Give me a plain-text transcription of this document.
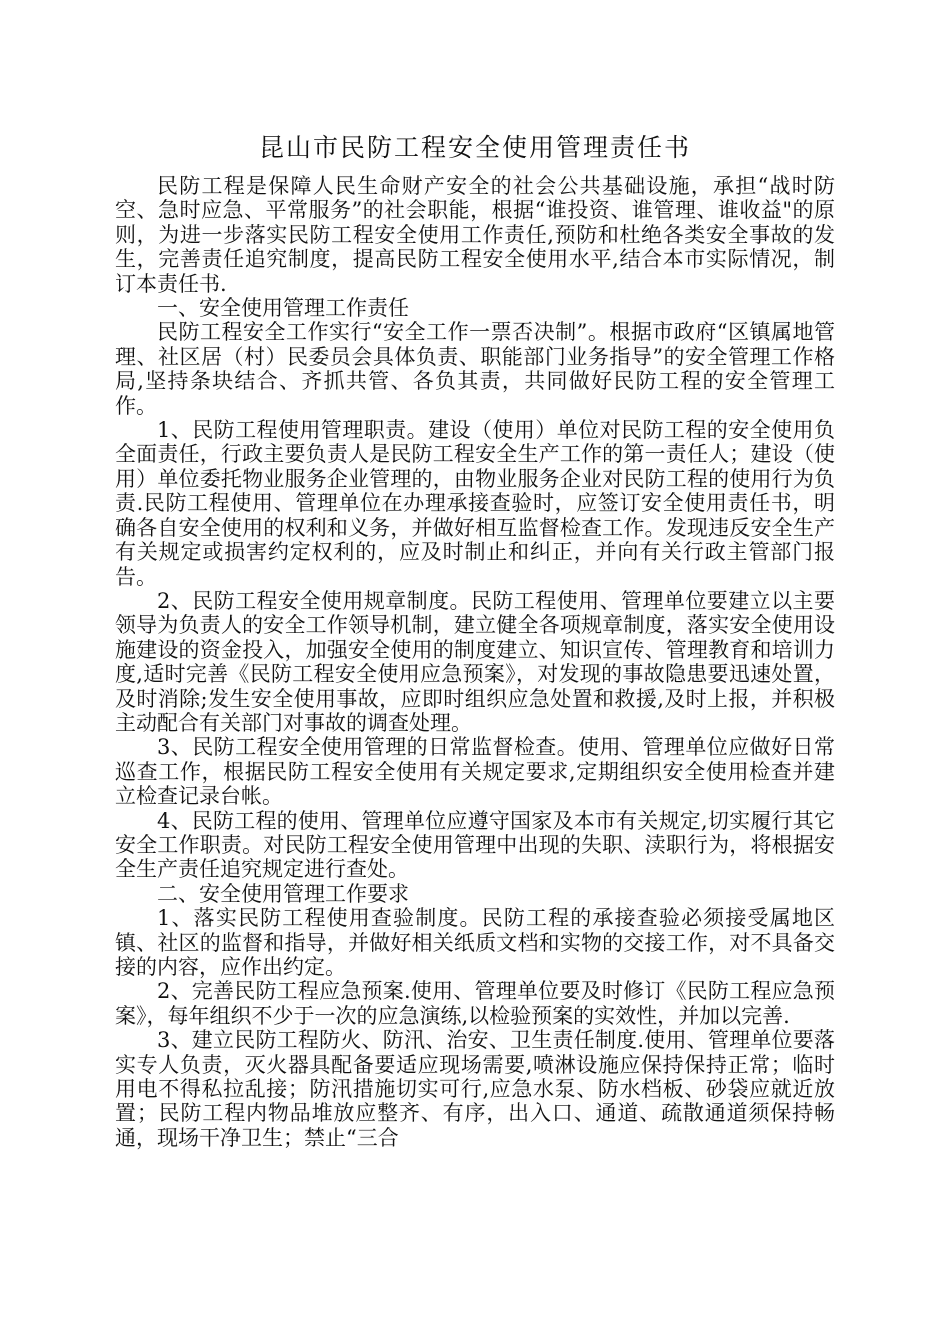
昆山市民防工程安全使用管理责任书

民防工程是保障人民生命财产安全的社会公共基础设施，承担“战时防空、急时应急、平常服务”的社会职能，根据“谁投资、谁管理、谁收益"的原则，为进一步落实民防工程安全使用工作责任,预防和杜绝各类安全事故的发生，完善责任追究制度，提高民防工程安全使用水平,结合本市实际情况，制订本责任书.

一、安全使用管理工作责任

民防工程安全工作实行“安全工作一票否决制”。根据市政府“区镇属地管理、社区居（村）民委员会具体负责、职能部门业务指导”的安全管理工作格局,坚持条块结合、齐抓共管、各负其责，共同做好民防工程的安全管理工作。

1、民防工程使用管理职责。建设（使用）单位对民防工程的安全使用负全面责任，行政主要负责人是民防工程安全生产工作的第一责任人；建设（使用）单位委托物业服务企业管理的，由物业服务企业对民防工程的使用行为负责.民防工程使用、管理单位在办理承接查验时，应签订安全使用责任书，明确各自安全使用的权利和义务，并做好相互监督检查工作。发现违反安全生产有关规定或损害约定权利的，应及时制止和纠正，并向有关行政主管部门报告。

2、民防工程安全使用规章制度。民防工程使用、管理单位要建立以主要领导为负责人的安全工作领导机制，建立健全各项规章制度，落实安全使用设施建设的资金投入，加强安全使用的制度建立、知识宣传、管理教育和培训力度,适时完善《民防工程安全使用应急预案》，对发现的事故隐患要迅速处置，及时消除;发生安全使用事故，应即时组织应急处置和救援,及时上报，并积极主动配合有关部门对事故的调查处理。

3、民防工程安全使用管理的日常监督检查。使用、管理单位应做好日常巡查工作，根据民防工程安全使用有关规定要求,定期组织安全使用检查并建立检查记录台帐。

4、民防工程的使用、管理单位应遵守国家及本市有关规定,切实履行其它安全工作职责。对民防工程安全使用管理中出现的失职、渎职行为，将根据安全生产责任追究规定进行查处。

二、安全使用管理工作要求

1、落实民防工程使用查验制度。民防工程的承接查验必须接受属地区镇、社区的监督和指导，并做好相关纸质文档和实物的交接工作，对不具备交接的内容，应作出约定。

2、完善民防工程应急预案.使用、管理单位要及时修订《民防工程应急预案》，每年组织不少于一次的应急演练,以检验预案的实效性，并加以完善.

3、建立民防工程防火、防汛、治安、卫生责任制度.使用、管理单位要落实专人负责，灭火器具配备要适应现场需要,喷淋设施应保持保持正常；临时用电不得私拉乱接；防汛措施切实可行,应急水泵、防水档板、砂袋应就近放置；民防工程内物品堆放应整齐、有序，出入口、通道、疏散通道须保持畅通，现场干净卫生；禁止“三合
